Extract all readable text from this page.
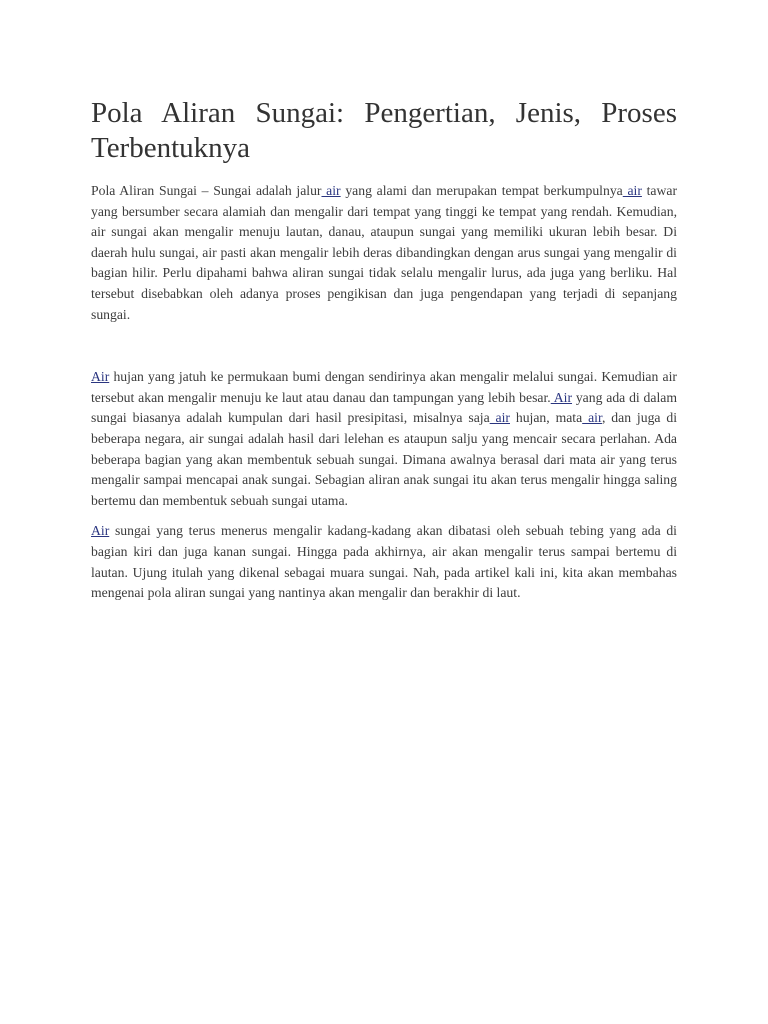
Pola Aliran Sungai: Pengertian, Jenis, Proses Terbentuknya

Pola Aliran Sungai – Sungai adalah jalur air yang alami dan merupakan tempat berkumpulnya air tawar yang bersumber secara alamiah dan mengalir dari tempat yang tinggi ke tempat yang rendah. Kemudian, air sungai akan mengalir menuju lautan, danau, ataupun sungai yang memiliki ukuran lebih besar. Di daerah hulu sungai, air pasti akan mengalir lebih deras dibandingkan dengan arus sungai yang mengalir di bagian hilir. Perlu dipahami bahwa aliran sungai tidak selalu mengalir lurus, ada juga yang berliku. Hal tersebut disebabkan oleh adanya proses pengikisan dan juga pengendapan yang terjadi di sepanjang sungai.

Air hujan yang jatuh ke permukaan bumi dengan sendirinya akan mengalir melalui sungai. Kemudian air tersebut akan mengalir menuju ke laut atau danau dan tampungan yang lebih besar. Air yang ada di dalam sungai biasanya adalah kumpulan dari hasil presipitasi, misalnya saja air hujan, mata air, dan juga di beberapa negara, air sungai adalah hasil dari lelehan es ataupun salju yang mencair secara perlahan. Ada beberapa bagian yang akan membentuk sebuah sungai. Dimana awalnya berasal dari mata air yang terus mengalir sampai mencapai anak sungai. Sebagian aliran anak sungai itu akan terus mengalir hingga saling bertemu dan membentuk sebuah sungai utama.

Air sungai yang terus menerus mengalir kadang-kadang akan dibatasi oleh sebuah tebing yang ada di bagian kiri dan juga kanan sungai. Hingga pada akhirnya, air akan mengalir terus sampai bertemu di lautan. Ujung itulah yang dikenal sebagai muara sungai. Nah, pada artikel kali ini, kita akan membahas mengenai pola aliran sungai yang nantinya akan mengalir dan berakhir di laut.
